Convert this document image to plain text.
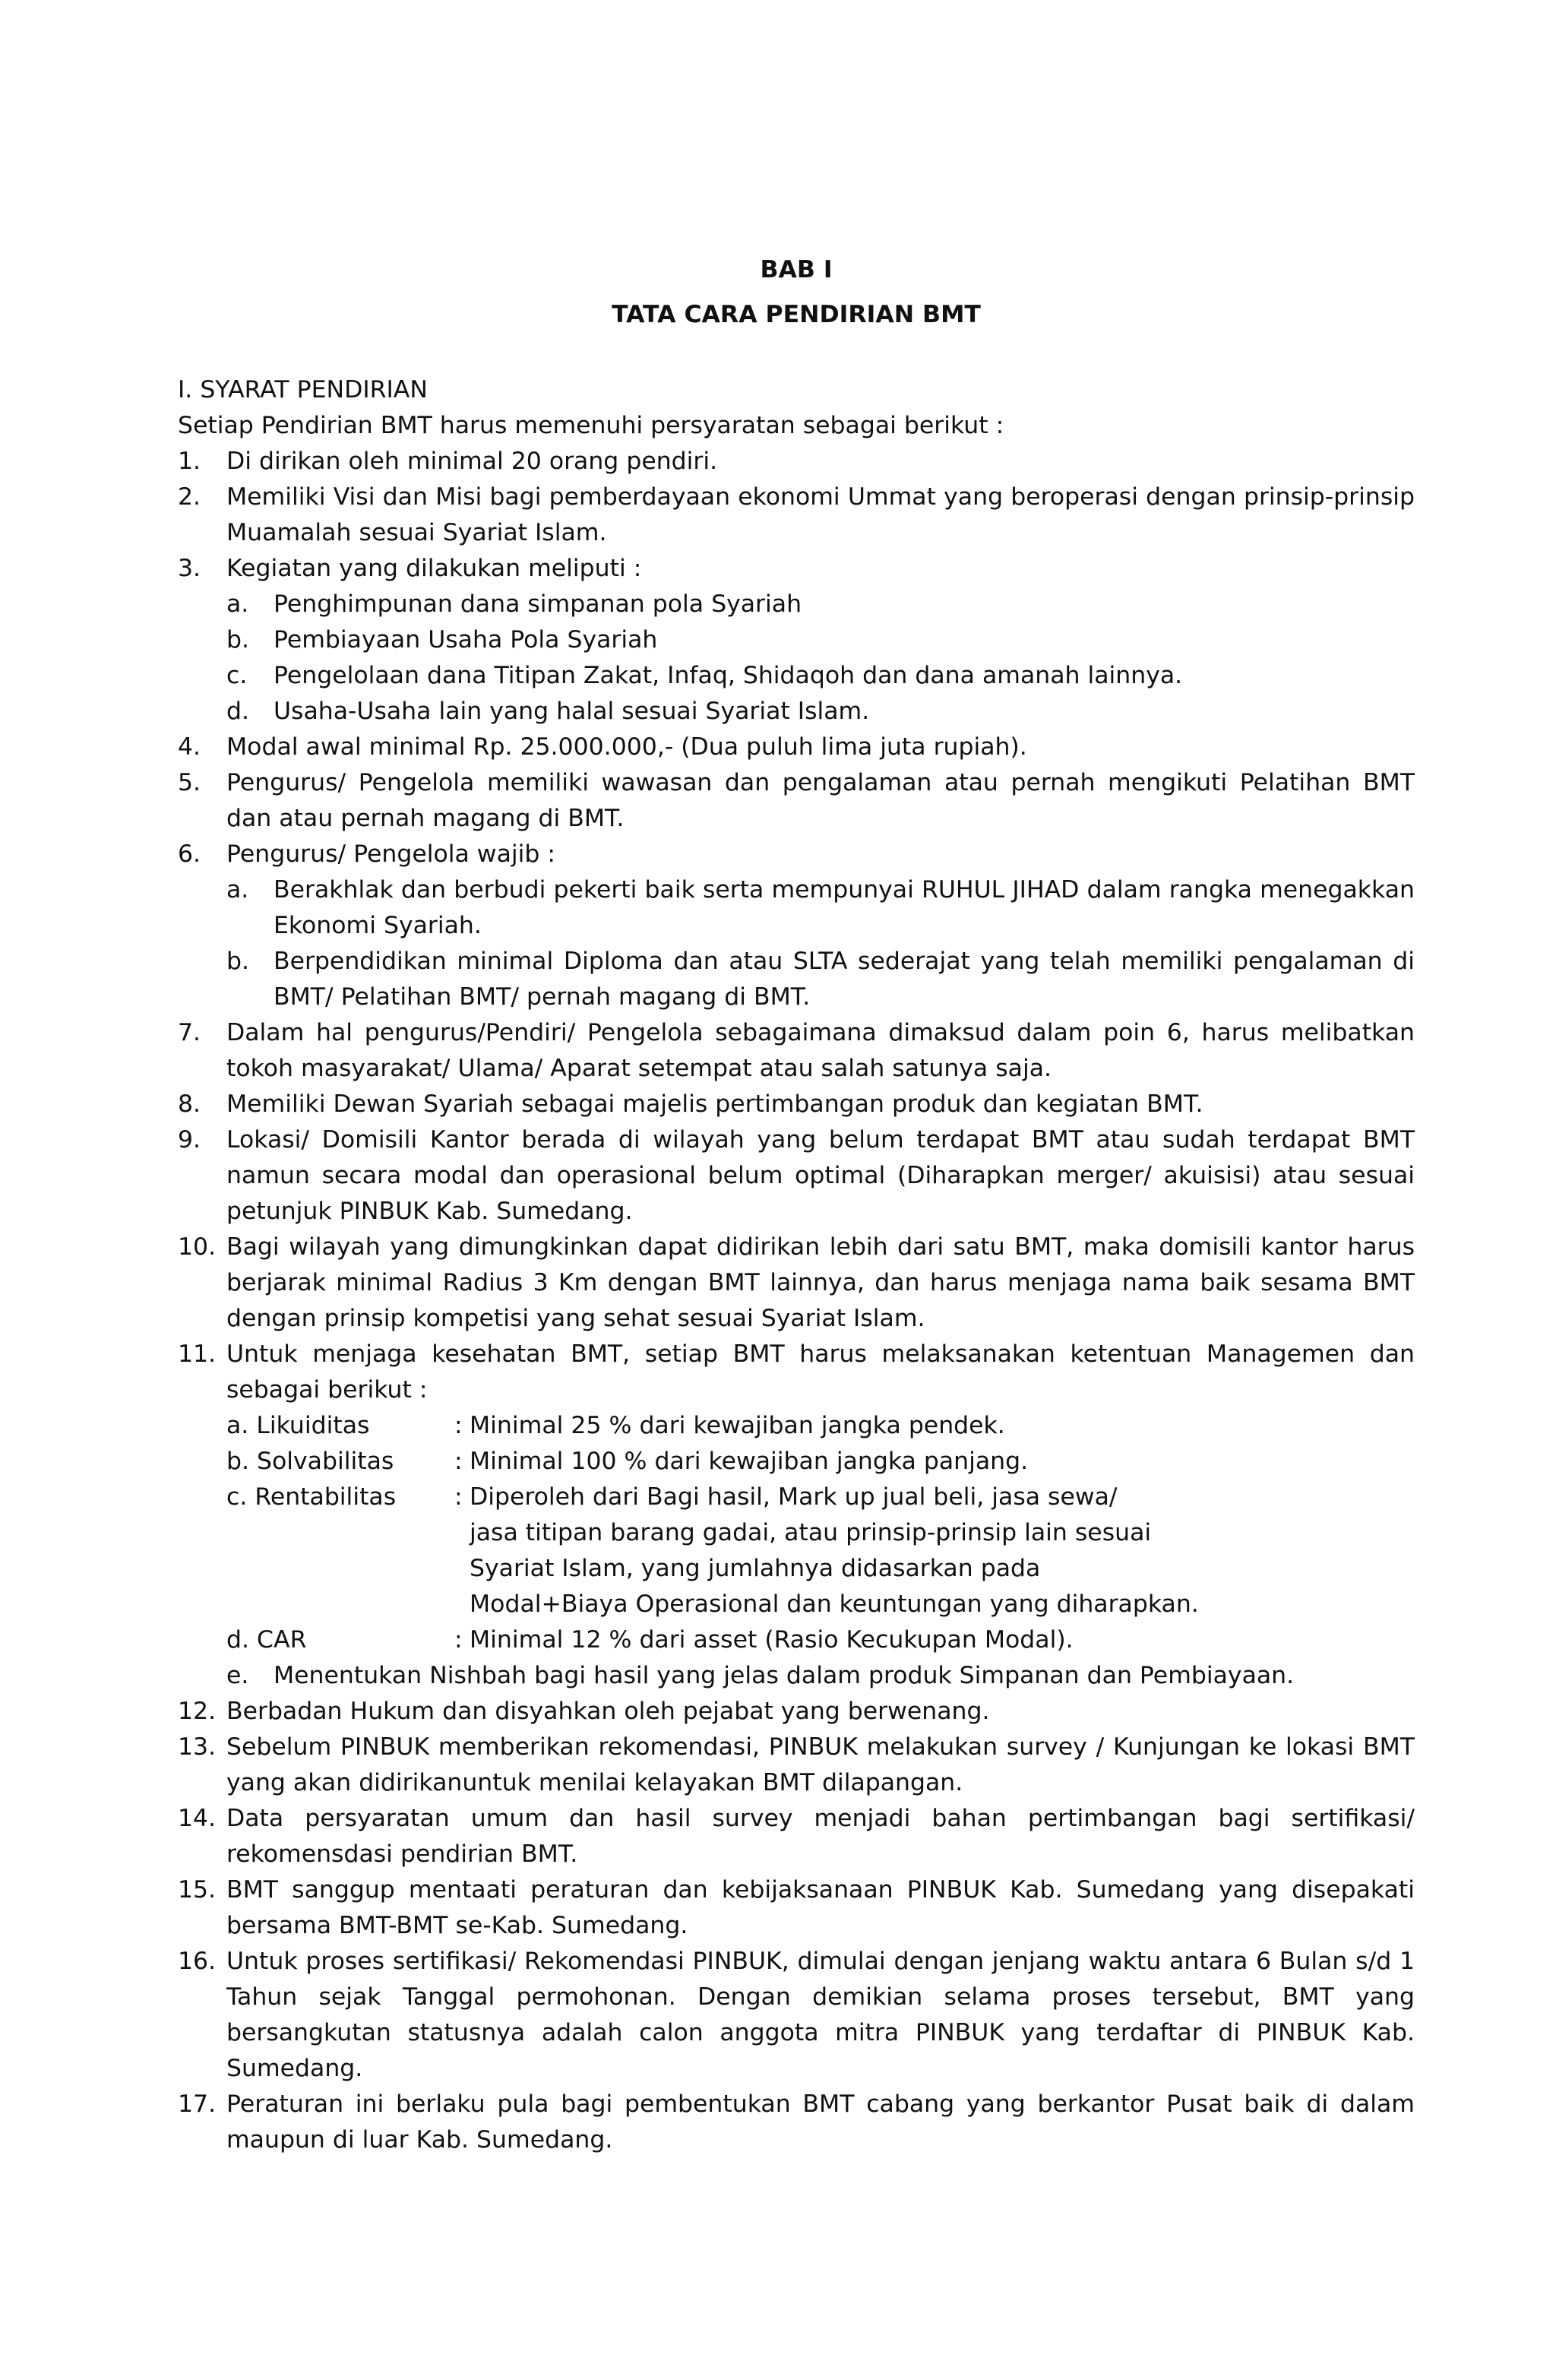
BAB I

TATA CARA PENDIRIAN BMT

I. SYARAT PENDIRIAN

Setiap Pendirian BMT harus memenuhi persyaratan sebagai berikut :

1.	Di dirikan oleh minimal 20 orang pendiri.
2.	Memiliki Visi dan Misi bagi pemberdayaan ekonomi Ummat yang beroperasi dengan prinsip-prinsip Muamalah sesuai Syariat Islam.
3.	Kegiatan yang dilakukan meliputi :
a.	Penghimpunan dana simpanan pola Syariah
b.	Pembiayaan Usaha Pola Syariah
c.	Pengelolaan dana Titipan Zakat, Infaq, Shidaqoh dan dana amanah lainnya.
d.	Usaha-Usaha lain yang halal sesuai Syariat Islam.
4.	Modal awal minimal Rp. 25.000.000,- (Dua puluh lima juta rupiah).
5.	Pengurus/ Pengelola memiliki wawasan dan pengalaman atau pernah mengikuti Pelatihan BMT dan atau pernah magang di BMT.
6.	Pengurus/ Pengelola wajib :
a.	Berakhlak dan berbudi pekerti baik serta mempunyai RUHUL JIHAD dalam rangka menegakkan Ekonomi Syariah.
b.	Berpendidikan minimal Diploma dan atau SLTA sederajat yang telah memiliki pengalaman di BMT/ Pelatihan BMT/ pernah magang di BMT.
7.	Dalam hal pengurus/Pendiri/ Pengelola sebagaimana dimaksud dalam poin 6, harus melibatkan tokoh masyarakat/ Ulama/ Aparat setempat atau salah satunya saja.
8.	Memiliki Dewan Syariah sebagai majelis pertimbangan produk dan kegiatan BMT.
9.	Lokasi/ Domisili Kantor berada di wilayah yang belum terdapat BMT atau sudah terdapat BMT namun secara modal dan operasional belum optimal (Diharapkan merger/ akuisisi) atau sesuai petunjuk PINBUK Kab. Sumedang.
10. Bagi wilayah yang dimungkinkan dapat didirikan lebih dari satu BMT, maka domisili kantor harus berjarak minimal Radius 3 Km dengan BMT lainnya, dan harus menjaga nama baik sesama BMT dengan prinsip kompetisi yang sehat sesuai Syariat Islam.
11. Untuk menjaga kesehatan BMT, setiap BMT harus melaksanakan ketentuan Managemen dan sebagai berikut :
a. Likuiditas	: Minimal 25 % dari kewajiban jangka pendek.
b. Solvabilitas	: Minimal 100 % dari kewajiban jangka panjang.
c. Rentabilitas	: Diperoleh dari Bagi hasil, Mark up jual beli, jasa sewa/

jasa titipan barang gadai, atau prinsip-prinsip lain sesuai

Syariat Islam, yang jumlahnya didasarkan pada

Modal+Biaya Operasional dan keuntungan yang diharapkan.

d. CAR	: Minimal 12 % dari asset (Rasio Kecukupan Modal).
e.	Menentukan Nishbah bagi hasil yang jelas dalam produk Simpanan dan Pembiayaan.
12. Berbadan Hukum dan disyahkan oleh pejabat yang berwenang.
13. Sebelum PINBUK memberikan rekomendasi, PINBUK melakukan survey / Kunjungan ke lokasi BMT yang akan didirikanuntuk menilai kelayakan BMT dilapangan.
14. Data persyaratan umum dan hasil survey menjadi bahan pertimbangan bagi sertifikasi/ rekomensdasi pendirian BMT.
15. BMT sanggup mentaati peraturan dan kebijaksanaan PINBUK Kab. Sumedang yang disepakati bersama BMT-BMT se-Kab. Sumedang.
16. Untuk proses sertifikasi/ Rekomendasi PINBUK, dimulai dengan jenjang waktu antara 6 Bulan s/d 1 Tahun sejak Tanggal permohonan. Dengan demikian selama proses tersebut, BMT yang bersangkutan statusnya adalah calon anggota mitra PINBUK yang terdaftar di PINBUK Kab. Sumedang.
17. Peraturan ini berlaku pula bagi pembentukan BMT cabang yang berkantor Pusat baik di dalam maupun di luar Kab. Sumedang.
